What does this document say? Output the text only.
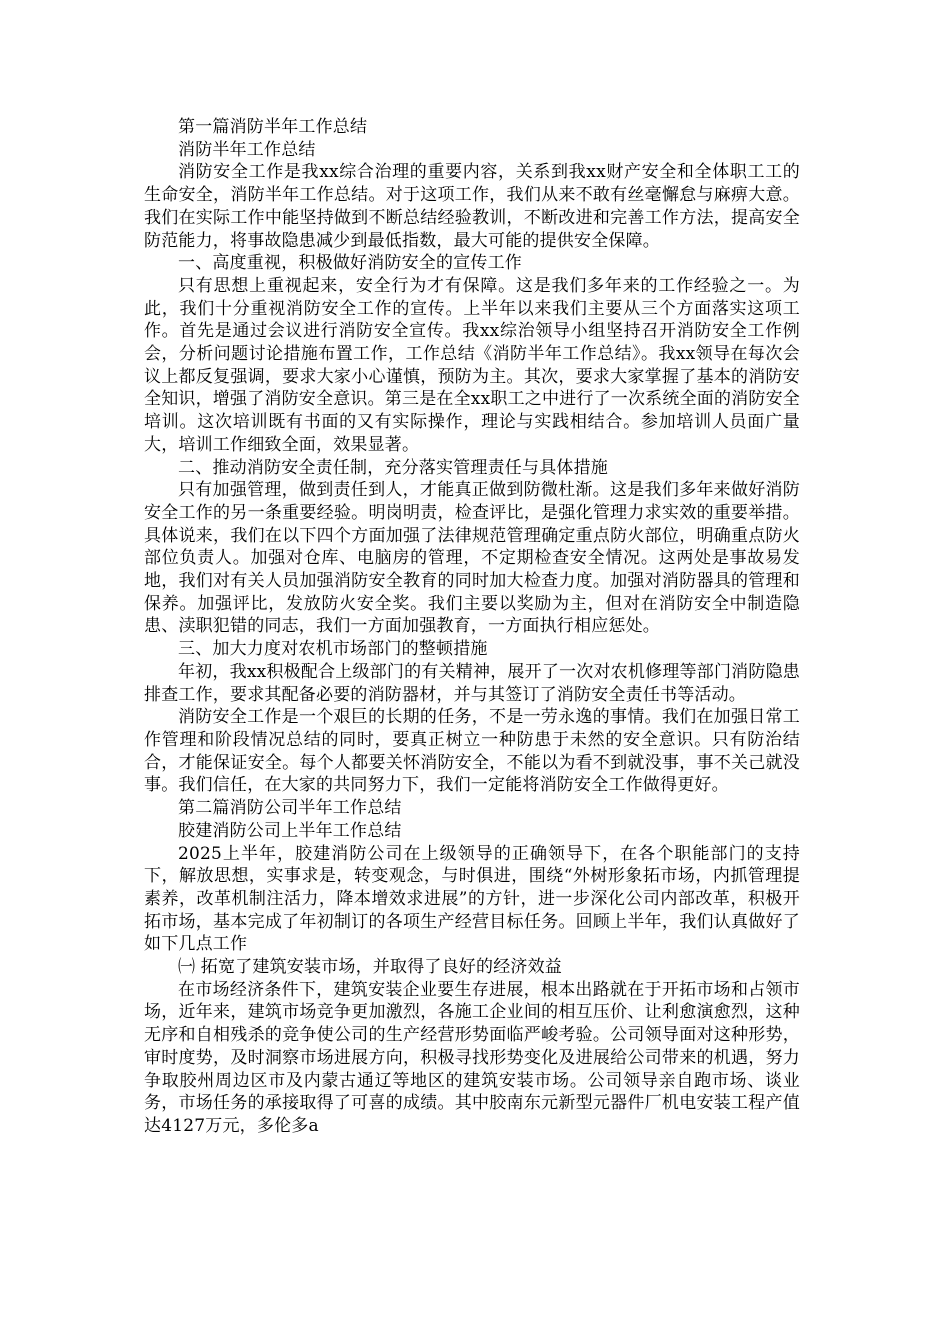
第一篇消防半年工作总结

消防半年工作总结

消防安全工作是我xx综合治理的重要内容，关系到我xx财产安全和全体职工工的生命安全，消防半年工作总结。对于这项工作，我们从来不敢有丝毫懈怠与麻痹大意。我们在实际工作中能坚持做到不断总结经验教训，不断改进和完善工作方法，提高安全防范能力，将事故隐患减少到最低指数，最大可能的提供安全保障。

一、高度重视，积极做好消防安全的宣传工作

只有思想上重视起来，安全行为才有保障。这是我们多年来的工作经验之一。为此，我们十分重视消防安全工作的宣传。上半年以来我们主要从三个方面落实这项工作。首先是通过会议进行消防安全宣传。我xx综治领导小组坚持召开消防安全工作例会，分析问题讨论措施布置工作，工作总结《消防半年工作总结》。我xx领导在每次会议上都反复强调，要求大家小心谨慎，预防为主。其次，要求大家掌握了基本的消防安全知识，增强了消防安全意识。第三是在全xx职工之中进行了一次系统全面的消防安全培训。这次培训既有书面的又有实际操作，理论与实践相结合。参加培训人员面广量大，培训工作细致全面，效果显著。

二、推动消防安全责任制，充分落实管理责任与具体措施

只有加强管理，做到责任到人，才能真正做到防微杜渐。这是我们多年来做好消防安全工作的另一条重要经验。明岗明责，检查评比，是强化管理力求实效的重要举措。具体说来，我们在以下四个方面加强了法律规范管理确定重点防火部位，明确重点防火部位负责人。加强对仓库、电脑房的管理，不定期检查安全情况。这两处是事故易发地，我们对有关人员加强消防安全教育的同时加大检查力度。加强对消防器具的管理和保养。加强评比，发放防火安全奖。我们主要以奖励为主，但对在消防安全中制造隐患、渎职犯错的同志，我们一方面加强教育，一方面执行相应惩处。

三、加大力度对农机市场部门的整顿措施

年初，我xx积极配合上级部门的有关精神，展开了一次对农机修理等部门消防隐患排查工作，要求其配备必要的消防器材，并与其签订了消防安全责任书等活动。

消防安全工作是一个艰巨的长期的任务，不是一劳永逸的事情。我们在加强日常工作管理和阶段情况总结的同时，要真正树立一种防患于未然的安全意识。只有防治结合，才能保证安全。每个人都要关怀消防安全，不能以为看不到就没事，事不关己就没事。我们信任，在大家的共同努力下，我们一定能将消防安全工作做得更好。

第二篇消防公司半年工作总结

胶建消防公司上半年工作总结

2025上半年，胶建消防公司在上级领导的正确领导下，在各个职能部门的支持下，解放思想，实事求是，转变观念，与时俱进，围绕“外树形象拓市场，内抓管理提素养，改革机制注活力，降本增效求进展”的方针，进一步深化公司内部改革，积极开拓市场，基本完成了年初制订的各项生产经营目标任务。回顾上半年，我们认真做好了如下几点工作

㈠ 拓宽了建筑安装市场，并取得了良好的经济效益

在市场经济条件下，建筑安装企业要生存进展，根本出路就在于开拓市场和占领市场，近年来，建筑市场竞争更加激烈，各施工企业间的相互压价、让利愈演愈烈，这种无序和自相残杀的竞争使公司的生产经营形势面临严峻考验。公司领导面对这种形势，审时度势，及时洞察市场进展方向，积极寻找形势变化及进展给公司带来的机遇，努力争取胶州周边区市及内蒙古通辽等地区的建筑安装市场。公司领导亲自跑市场、谈业务，市场任务的承接取得了可喜的成绩。其中胶南东元新型元器件厂机电安装工程产值达4127万元，多伦多a
